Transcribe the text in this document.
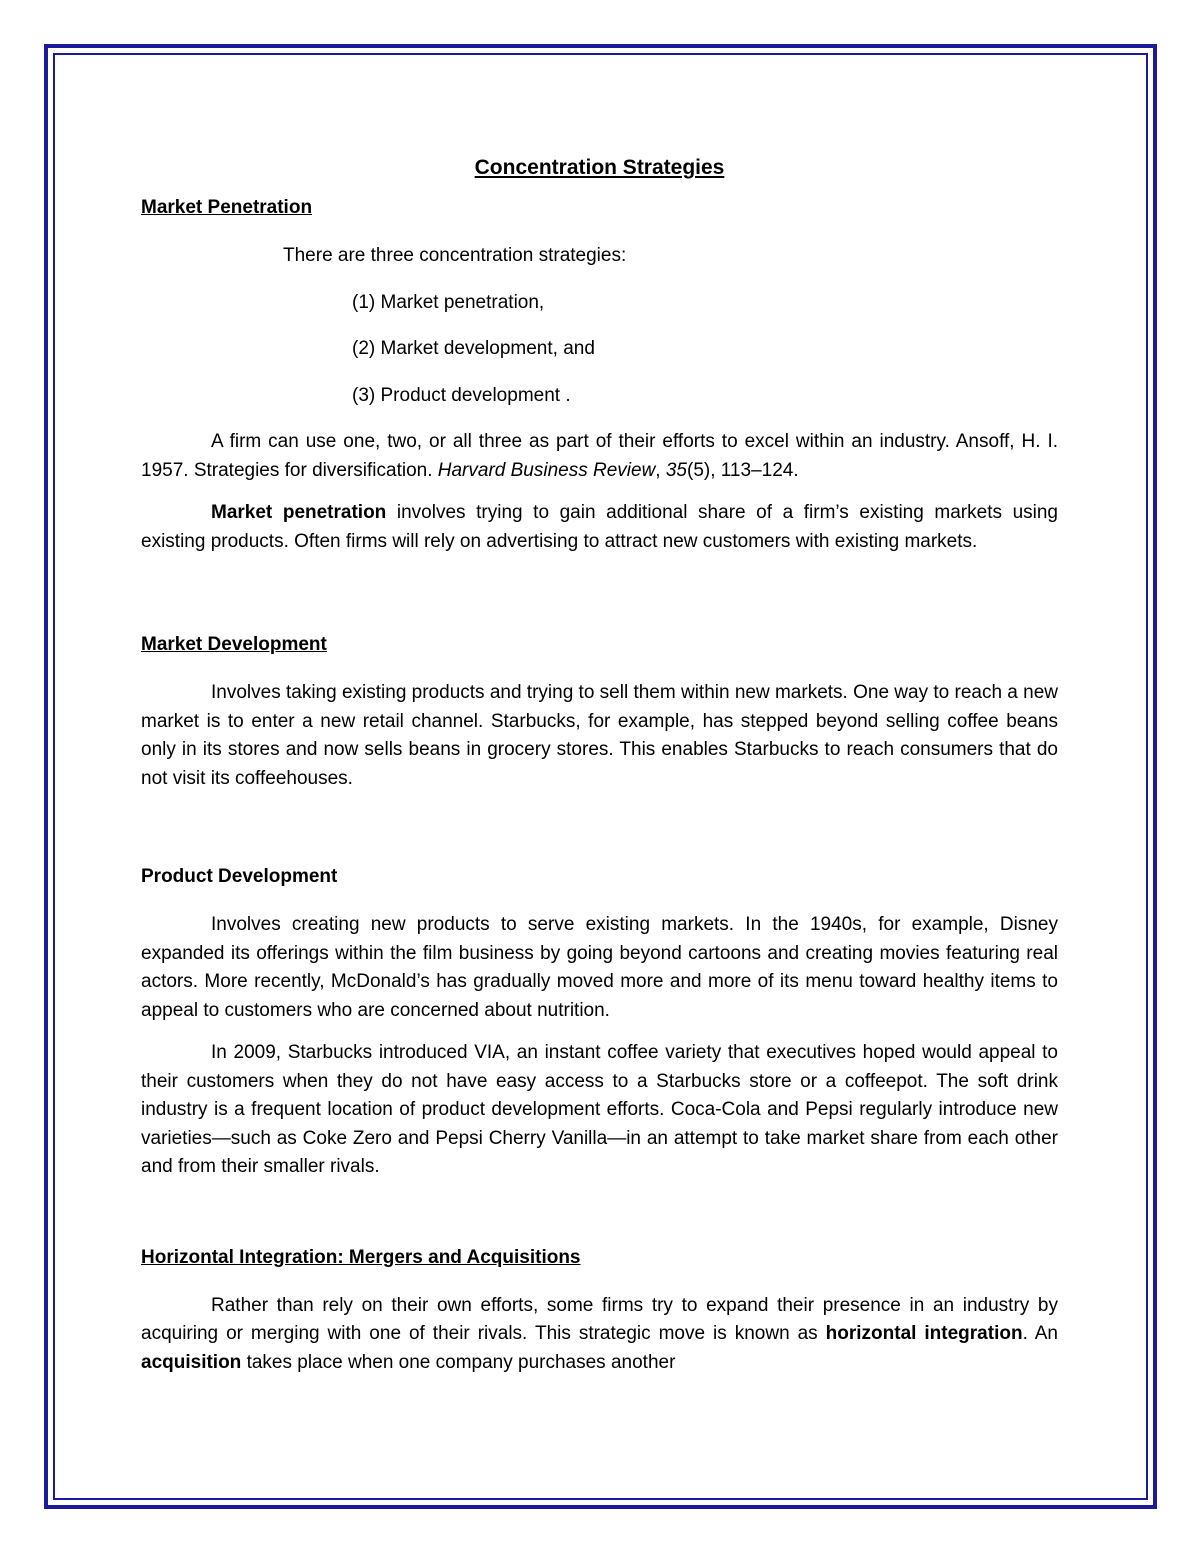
Concentration Strategies
Market Penetration
There are three concentration strategies:
(1) Market penetration,
(2) Market development, and
(3) Product development .

A firm can use one, two, or all three as part of their efforts to excel within an industry. Ansoff, H. I. 1957. Strategies for diversification. Harvard Business Review, 35(5), 113–124.

Market penetration involves trying to gain additional share of a firm’s existing markets using existing products. Often firms will rely on advertising to attract new customers with existing markets.

Market Development

Involves taking existing products and trying to sell them within new markets. One way to reach a new market is to enter a new retail channel. Starbucks, for example, has stepped beyond selling coffee beans only in its stores and now sells beans in grocery stores. This enables Starbucks to reach consumers that do not visit its coffeehouses.

Product Development

Involves creating new products to serve existing markets. In the 1940s, for example, Disney expanded its offerings within the film business by going beyond cartoons and creating movies featuring real actors. More recently, McDonald’s has gradually moved more and more of its menu toward healthy items to appeal to customers who are concerned about nutrition.

In 2009, Starbucks introduced VIA, an instant coffee variety that executives hoped would appeal to their customers when they do not have easy access to a Starbucks store or a coffeepot. The soft drink industry is a frequent location of product development efforts. Coca-Cola and Pepsi regularly introduce new varieties—such as Coke Zero and Pepsi Cherry Vanilla—in an attempt to take market share from each other and from their smaller rivals.

Horizontal Integration: Mergers and Acquisitions

Rather than rely on their own efforts, some firms try to expand their presence in an industry by acquiring or merging with one of their rivals. This strategic move is known as horizontal integration. An acquisition takes place when one company purchases another
